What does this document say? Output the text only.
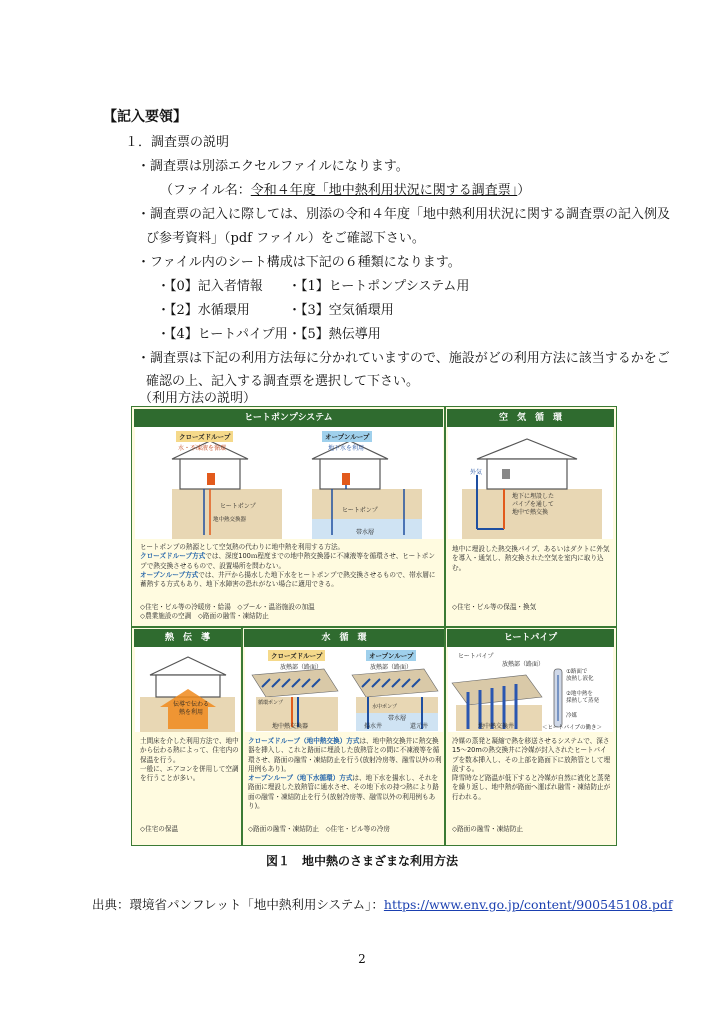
【記入要領】
１．調査票の説明
・調査票は別添エクセルファイルになります。
（ファイル名：令和４年度「地中熱利用状況に関する調査票」）
・調査票の記入に際しては、別添の令和４年度「地中熱利用状況に関する調査票の記入例及
び参考資料」（pdf ファイル）をご確認下さい。
・ファイル内のシート構成は下記の６種類になります。
・【0】記入者情報 ・【1】ヒートポンプシステム用
・【2】水循環用	・【3】空気循環用
・【4】ヒートパイプ用 ・【5】熱伝導用
・調査票は下記の利用方法毎に分かれていますので、施設がどの利用方法に該当するかをご
確認の上、記入する調査票を選択して下さい。
（利用方法の説明）
ヒートポンプシステム	空　気　循　環
熱　伝　導	水　循　環	ヒートパイプ
クローズドループ
水・不凍液を循環
オープンループ
地下水を利用
ヒートポンプ
ヒートポンプ
地中熱交換器
帯水層
ヒートポンプの熱源として空気熱の代わりに地中熱を利用する方法。
クローズドループ方式では、深度100ｍ程度までの地中熱交換器に不凍液等を循環させ、ヒートポンプで熱交換させるもので、設置場所を問わない。
オープンループ方式では、井戸から揚水した地下水をヒートポンプで熱交換させるもので、帯水層に蓄熱する方式もあり、地下水障害の恐れがない場合に適用できる。
◇住宅・ビル等の冷暖房・給湯　◇プール・温浴施設の加温
◇農業施設の空調　◇路面の融雪・凍結防止
外気
地下に埋設した
パイプを通して
地中で熱交換
地中に埋設した熱交換パイプ、あるいはダクトに外気を導入・通気し、熱交換された空気を室内に取り込む。
◇住宅・ビル等の保温・換気
伝導で伝わる
熱を利用
土間床を介した利用方法で、地中から伝わる熱によって、住宅内の保温を行う。
一般に、エアコンを併用して空調を行うことが多い。
◇住宅の保温
クローズドループ	オープンループ
放熱部（路面）	放熱部（路面）
循環ポンプ
水中ポンプ
地中熱交換器	揚水井	還元井
帯水層
クローズドループ（地中熱交換）方式は、地中熱交換井に熱交換器を挿入し、これと路面に埋設した放熱管との間に不凍液等を循環させ、路面の融雪・凍結防止を行う(放射冷房等、融雪以外の利用例もあり)。
オープンループ（地下水循環）方式は、地下水を揚水し、それを路面に埋設した放熱管に通水させ、その地下水の持つ熱により路面の融雪・凍結防止を行う(放射冷房等、融雪以外の利用例もあり)。
◇路面の融雪・凍結防止　◇住宅・ビル等の冷房
ヒートパイプ
放熱部（路面）
①路面で
放熱し液化
②地中熱を
採熱して蒸発
冷媒
地中熱交換井	＜ヒートパイプの働き＞
冷媒の蒸発と凝縮で熱を移送させるシステムで、深さ15～20mの熱交換井に冷媒が封入されたヒートパイプを数本挿入し、その上部を路面下に放熱管として埋設する。
降雪時など路温が低下すると冷媒が自然に液化と蒸発を繰り返し、地中熱が路面へ運ばれ融雪・凍結防止が行われる。
◇路面の融雪・凍結防止
図１　地中熱のさまざまな利用方法
出典：環境省パンフレット「地中熱利用システム」：https://www.env.go.jp/content/900545108.pdf
2
